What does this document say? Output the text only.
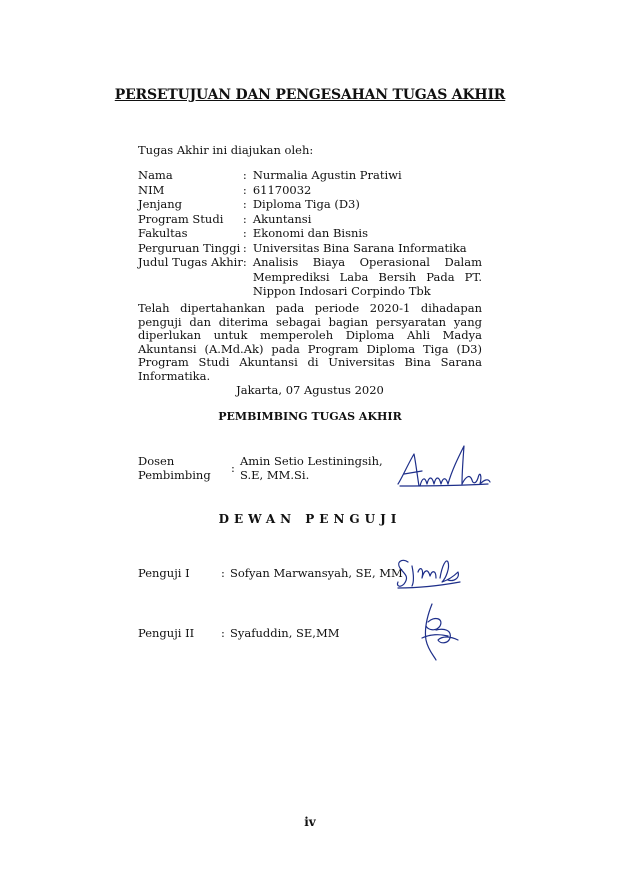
PERSETUJUAN DAN PENGESAHAN TUGAS AKHIR
Tugas Akhir ini diajukan oleh:
Nama	:	Nurmalia Agustin Pratiwi
NIM	:	61170032
Jenjang	:	Diploma Tiga (D3)
Program Studi	:	Akuntansi
Fakultas	:	Ekonomi dan Bisnis
Perguruan Tinggi	:	Universitas Bina Sarana Informatika
Judul Tugas Akhir	:	Analisis Biaya Operasional Dalam Memprediksi Laba Bersih Pada PT. Nippon Indosari Corpindo Tbk
Telah dipertahankan pada periode 2020-1 dihadapan penguji dan diterima sebagai bagian persyaratan yang diperlukan untuk memperoleh Diploma Ahli Madya Akuntansi (A.Md.Ak) pada Program Diploma Tiga (D3) Program Studi Akuntansi di Universitas Bina Sarana Informatika.
Jakarta, 07 Agustus 2020
PEMBIMBING TUGAS AKHIR
Dosen Pembimbing	: Amin Setio Lestiningsih, S.E, MM.Si.
DEWAN PENGUJI
Penguji I	: Sofyan Marwansyah, SE, MM
Penguji II : Syafuddin, SE,MM
iv
